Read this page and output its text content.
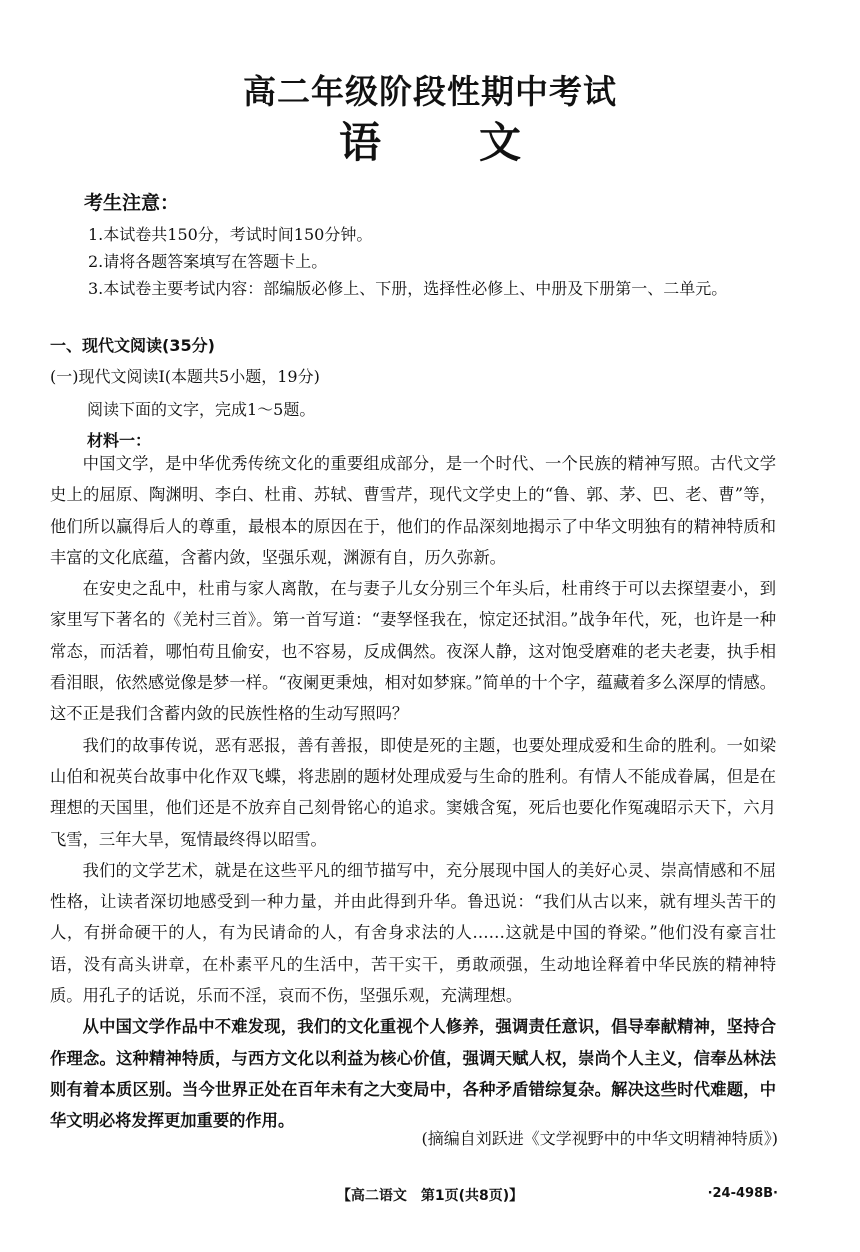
高二年级阶段性期中考试
语 文
考生注意：
1.本试卷共150分，考试时间150分钟。
2.请将各题答案填写在答题卡上。
3.本试卷主要考试内容：部编版必修上、下册，选择性必修上、中册及下册第一、二单元。
一、现代文阅读(35分)
(一)现代文阅读Ⅰ(本题共5小题，19分)
阅读下面的文字，完成1～5题。
材料一：

中国文学，是中华优秀传统文化的重要组成部分，是一个时代、一个民族的精神写照。古代文学史上的屈原、陶渊明、李白、杜甫、苏轼、曹雪芹，现代文学史上的“鲁、郭、茅、巴、老、曹”等，他们所以赢得后人的尊重，最根本的原因在于，他们的作品深刻地揭示了中华文明独有的精神特质和丰富的文化底蕴，含蓄内敛，坚强乐观，渊源有自，历久弥新。

在安史之乱中，杜甫与家人离散，在与妻子儿女分别三个年头后，杜甫终于可以去探望妻小，到家里写下著名的《羌村三首》。第一首写道：“妻孥怪我在，惊定还拭泪。”战争年代，死，也许是一种常态，而活着，哪怕苟且偷安，也不容易，反成偶然。夜深人静，这对饱受磨难的老夫老妻，执手相看泪眼，依然感觉像是梦一样。“夜阑更秉烛，相对如梦寐。”简单的十个字，蕴藏着多么深厚的情感。这不正是我们含蓄内敛的民族性格的生动写照吗？

我们的故事传说，恶有恶报，善有善报，即使是死的主题，也要处理成爱和生命的胜利。一如梁山伯和祝英台故事中化作双飞蝶，将悲剧的题材处理成爱与生命的胜利。有情人不能成眷属，但是在理想的天国里，他们还是不放弃自己刻骨铭心的追求。窦娥含冤，死后也要化作冤魂昭示天下，六月飞雪，三年大旱，冤情最终得以昭雪。

我们的文学艺术，就是在这些平凡的细节描写中，充分展现中国人的美好心灵、崇高情感和不屈性格，让读者深切地感受到一种力量，并由此得到升华。鲁迅说：“我们从古以来，就有埋头苦干的人，有拼命硬干的人，有为民请命的人，有舍身求法的人……这就是中国的脊梁。”他们没有豪言壮语，没有高头讲章，在朴素平凡的生活中，苦干实干，勇敢顽强，生动地诠释着中华民族的精神特质。用孔子的话说，乐而不淫，哀而不伤，坚强乐观，充满理想。

从中国文学作品中不难发现，我们的文化重视个人修养，强调责任意识，倡导奉献精神，坚持合作理念。这种精神特质，与西方文化以利益为核心价值，强调天赋人权，崇尚个人主义，信奉丛林法则有着本质区别。当今世界正处在百年未有之大变局中，各种矛盾错综复杂。解决这些时代难题，中华文明必将发挥更加重要的作用。

(摘编自刘跃进《文学视野中的中华文明精神特质》)
【高二语文　第1页(共8页)】	·24-498B·
